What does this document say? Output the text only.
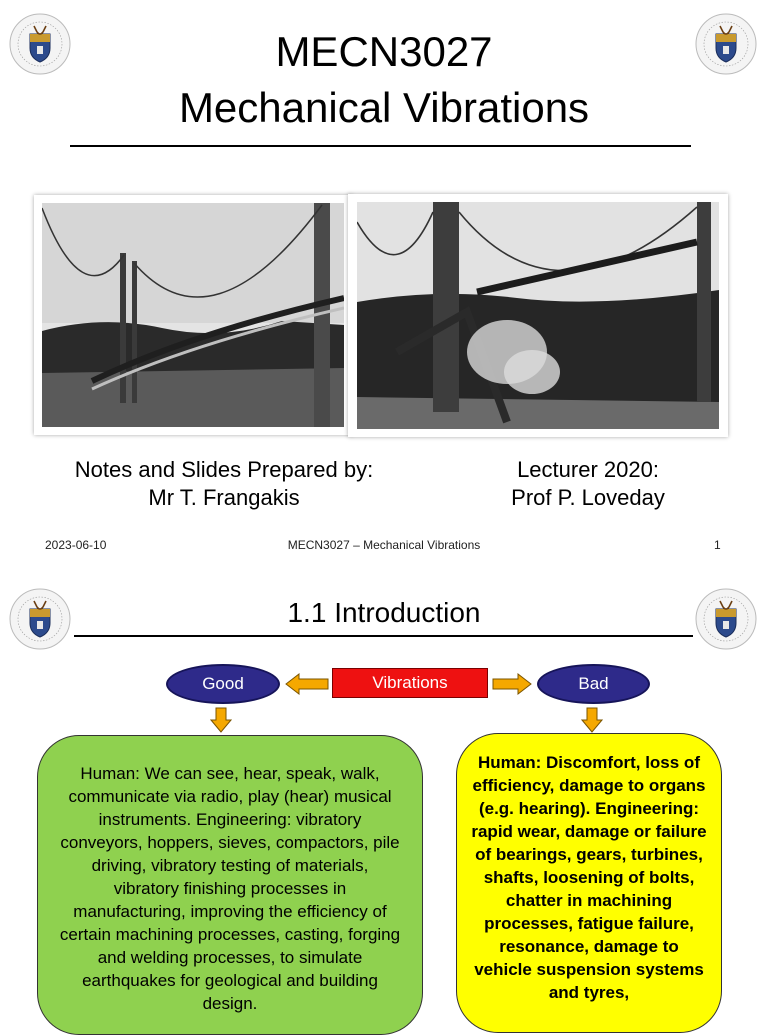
MECN3027
Mechanical Vibrations
Notes and Slides Prepared by:
Mr T. Frangakis
Lecturer 2020:
Prof P. Loveday
2023-06-10	MECN3027 – Mechanical Vibrations	1
1.1 Introduction
Good	Bad
Vibrations
Human: We can see, hear, speak, walk, communicate via radio, play (hear) musical instruments. Engineering: vibratory conveyors, hoppers, sieves, compactors, pile driving, vibratory testing of materials, vibratory finishing processes in manufacturing, improving the efficiency of certain machining processes, casting, forging and welding processes, to simulate earthquakes for geological and building design.
Human: Discomfort, loss of efficiency, damage to organs (e.g. hearing). Engineering: rapid wear, damage or failure of bearings, gears, turbines, shafts, loosening of bolts, chatter in machining processes, fatigue failure, resonance, damage to vehicle suspension systems and tyres,
